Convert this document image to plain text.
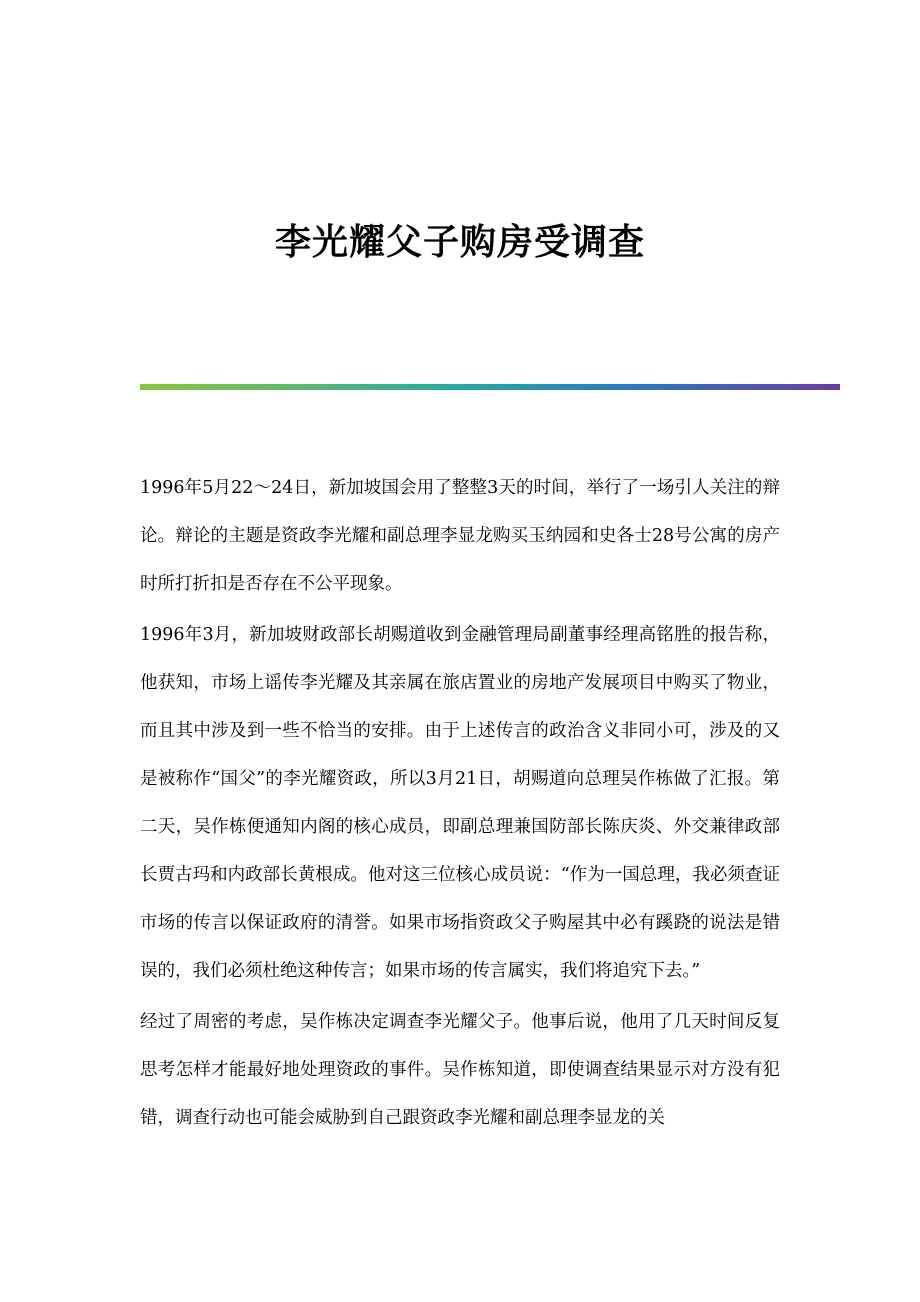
李光耀父子购房受调查

1996年5月22～24日，新加坡国会用了整整3天的时间，举行了一场引人关注的辩论。辩论的主题是资政李光耀和副总理李显龙购买玉纳园和史各士28号公寓的房产时所打折扣是否存在不公平现象。

1996年3月，新加坡财政部长胡赐道收到金融管理局副董事经理高铭胜的报告称，他获知，市场上谣传李光耀及其亲属在旅店置业的房地产发展项目中购买了物业，而且其中涉及到一些不恰当的安排。由于上述传言的政治含义非同小可，涉及的又是被称作“国父”的李光耀资政，所以3月21日，胡赐道向总理吴作栋做了汇报。第二天，吴作栋便通知内阁的核心成员，即副总理兼国防部长陈庆炎、外交兼律政部长贾古玛和内政部长黄根成。他对这三位核心成员说：“作为一国总理，我必须查证市场的传言以保证政府的清誉。如果市场指资政父子购屋其中必有蹊跷的说法是错误的，我们必须杜绝这种传言；如果市场的传言属实，我们将追究下去。”

经过了周密的考虑，吴作栋决定调查李光耀父子。他事后说，他用了几天时间反复思考怎样才能最好地处理资政的事件。吴作栋知道，即使调查结果显示对方没有犯错，调查行动也可能会威胁到自己跟资政李光耀和副总理李显龙的关
